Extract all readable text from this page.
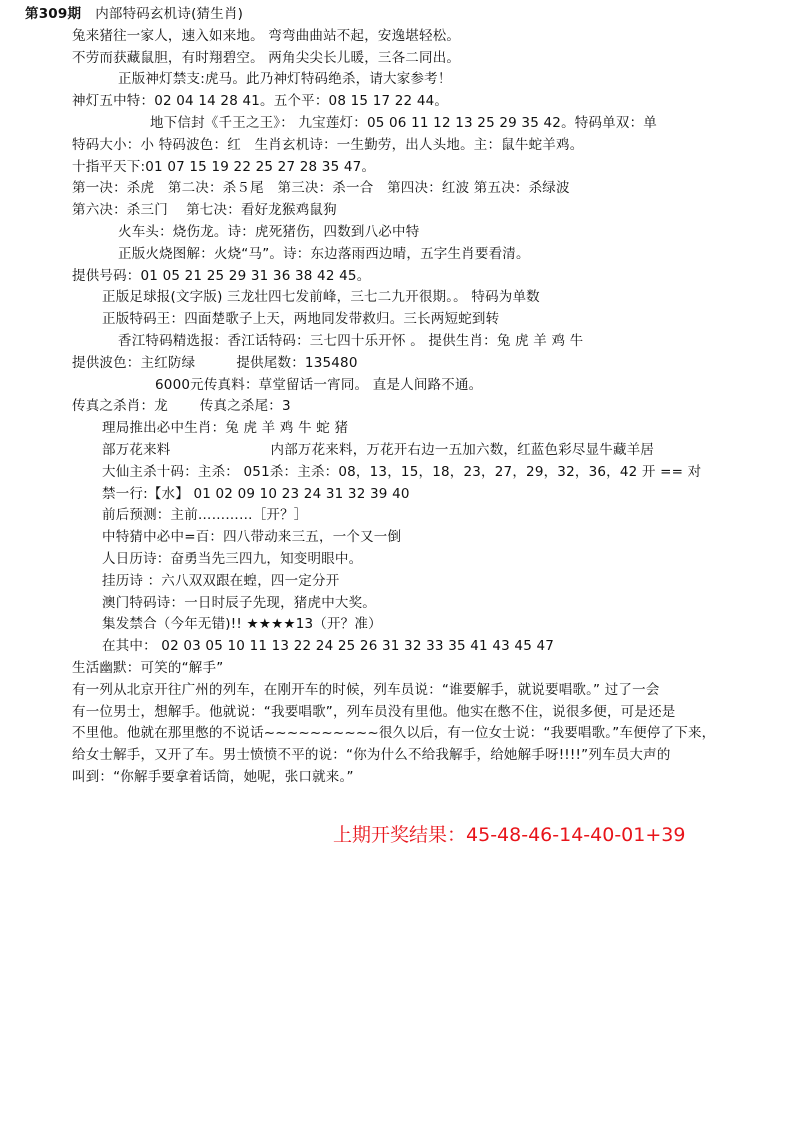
第309期 内部特码玄机诗(猜生肖)
兔来猪往一家人，速入如来地。 弯弯曲曲站不起，安逸堪轻松。
不劳而获藏鼠胆，有时翔碧空。 两角尖尖长儿暖，三各二同出。
正版神灯禁支:虎马。此乃神灯特码绝杀，请大家参考！
神灯五中特：02 04 14 28 41。五个平：08 15 17 22 44。
地下信封《千王之王》： 九宝莲灯：05 06 11 12 13 25 29 35 42。特码单双：单
特码大小：小 特码波色：红　生肖玄机诗：一生勤劳，出人头地。主：鼠牛蛇羊鸡。
十指平天下:01 07 15 19 22 25 27 28 35 47。
第一决：杀虎　第二决：杀５尾　第三决：杀一合　第四决：红波 第五决：杀绿波
第六决：杀三门　 第七决：看好龙猴鸡鼠狗
火车头：烧伤龙。诗：虎死猪伤，四数到八必中特
正版火烧图解：火烧“马”。诗：东边落雨西边晴，五字生肖要看清。
提供号码：01 05 21 25 29 31 36 38 42 45。
正版足球报(文字版) 三龙壮四七发前峰，三七二九开很期。。 特码为单数
正版特码王：四面楚歌子上天，两地同发带救归。三长两短蛇到转
香江特码精选报：香江话特码：三七四十乐开怀 。 提供生肖：兔 虎 羊 鸡 牛
提供波色：主红防绿　　　提供尾数：135480
6000元传真料：草堂留话一宵同。 直是人间路不通。
传真之杀肖：龙　　 传真之杀尾：3
理局推出必中生肖：兔 虎 羊 鸡 牛 蛇 猪
部万花来料	内部万花来料，万花开右边一五加六数，红蓝色彩尽显牛藏羊居
大仙主杀十码：主杀： 051杀：主杀：08，13，15，18，23，27，29，32，36，42 开 == 对
禁一行:【水】 01 02 09 10 23 24 31 32 39 40
前后预测：主前…………［开？］
中特猜中必中=百：四八带动来三五，一个又一倒
人日历诗：奋勇当先三四九，知变明眼中。
挂历诗 ：六八双双跟在蝗，四一定分开
澳门特码诗：一日时辰子先现，猪虎中大奖。
集发禁合（今年无错)!! ★★★★13（开？准）
在其中： 02 03 05 10 11 13 22 24 25 26 31 32 33 35 41 43 45 47
生活幽默：可笑的“解手”
有一列从北京开往广州的列车，在刚开车的时候，列车员说：“谁要解手，就说要唱歌。” 过了一会
有一位男士，想解手。他就说：“我要唱歌”，列车员没有里他。他实在憋不住，说很多便，可是还是
不里他。他就在那里憋的不说话~~~~~~~~~~很久以后，有一位女士说：“我要唱歌。”车便停了下来，
给女士解手，又开了车。男士愤愤不平的说：“你为什么不给我解手，给她解手呀!!!!”列车员大声的
叫到：“你解手要拿着话筒，她呢，张口就来。”
上期开奖结果：45-48-46-14-40-01+39
